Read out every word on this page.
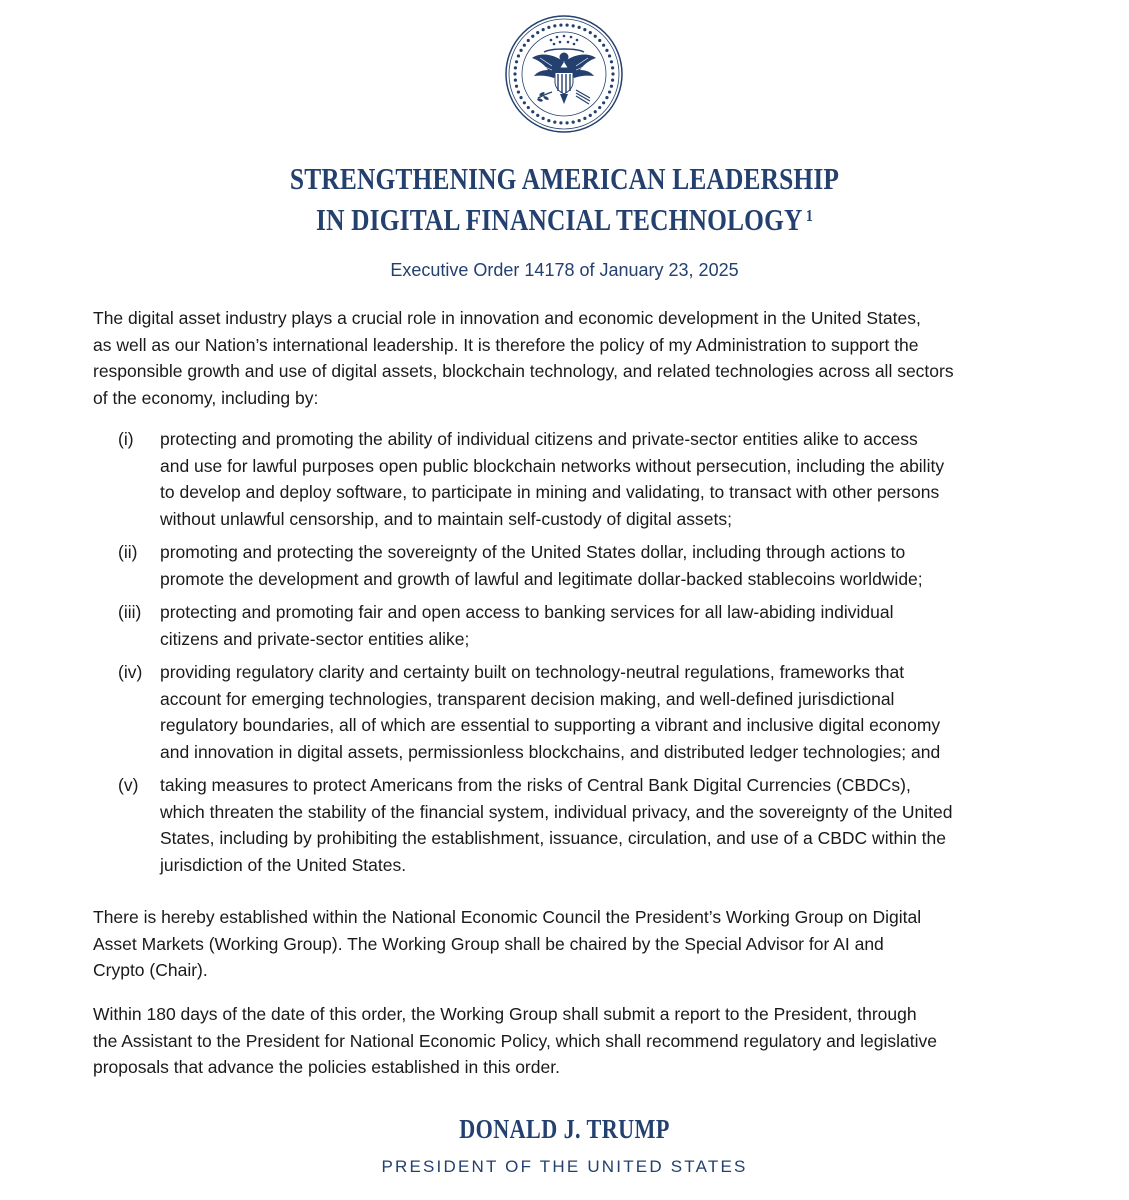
STRENGTHENING AMERICAN LEADERSHIP
IN DIGITAL FINANCIAL TECHNOLOGY $^1$
Executive Order 14178 of January 23, 2025
The digital asset industry plays a crucial role in innovation and economic development in the United States,
as well as our Nation’s international leadership. It is therefore the policy of my Administration to support the
responsible growth and use of digital assets, blockchain technology, and related technologies across all sectors
of the economy, including by:
(i)	protecting and promoting the ability of individual citizens and private-sector entities alike to access
and use for lawful purposes open public blockchain networks without persecution, including the ability
to develop and deploy software, to participate in mining and validating, to transact with other persons
without unlawful censorship, and to maintain self-custody of digital assets;
(ii)	promoting and protecting the sovereignty of the United States dollar, including through actions to
promote the development and growth of lawful and legitimate dollar-backed stablecoins worldwide;
(iii)	protecting and promoting fair and open access to banking services for all law-abiding individual
citizens and private-sector entities alike;
(iv)	providing regulatory clarity and certainty built on technology-neutral regulations, frameworks that
account for emerging technologies, transparent decision making, and well-defined jurisdictional
regulatory boundaries, all of which are essential to supporting a vibrant and inclusive digital economy
and innovation in digital assets, permissionless blockchains, and distributed ledger technologies; and
(v)	taking measures to protect Americans from the risks of Central Bank Digital Currencies (CBDCs),
which threaten the stability of the financial system, individual privacy, and the sovereignty of the United
States, including by prohibiting the establishment, issuance, circulation, and use of a CBDC within the
jurisdiction of the United States.
There is hereby established within the National Economic Council the President’s Working Group on Digital
Asset Markets (Working Group). The Working Group shall be chaired by the Special Advisor for AI and
Crypto (Chair).
Within 180 days of the date of this order, the Working Group shall submit a report to the President, through
the Assistant to the President for National Economic Policy, which shall recommend regulatory and legislative
proposals that advance the policies established in this order.
DONALD J. TRUMP
PRESIDENT OF THE UNITED STATES
